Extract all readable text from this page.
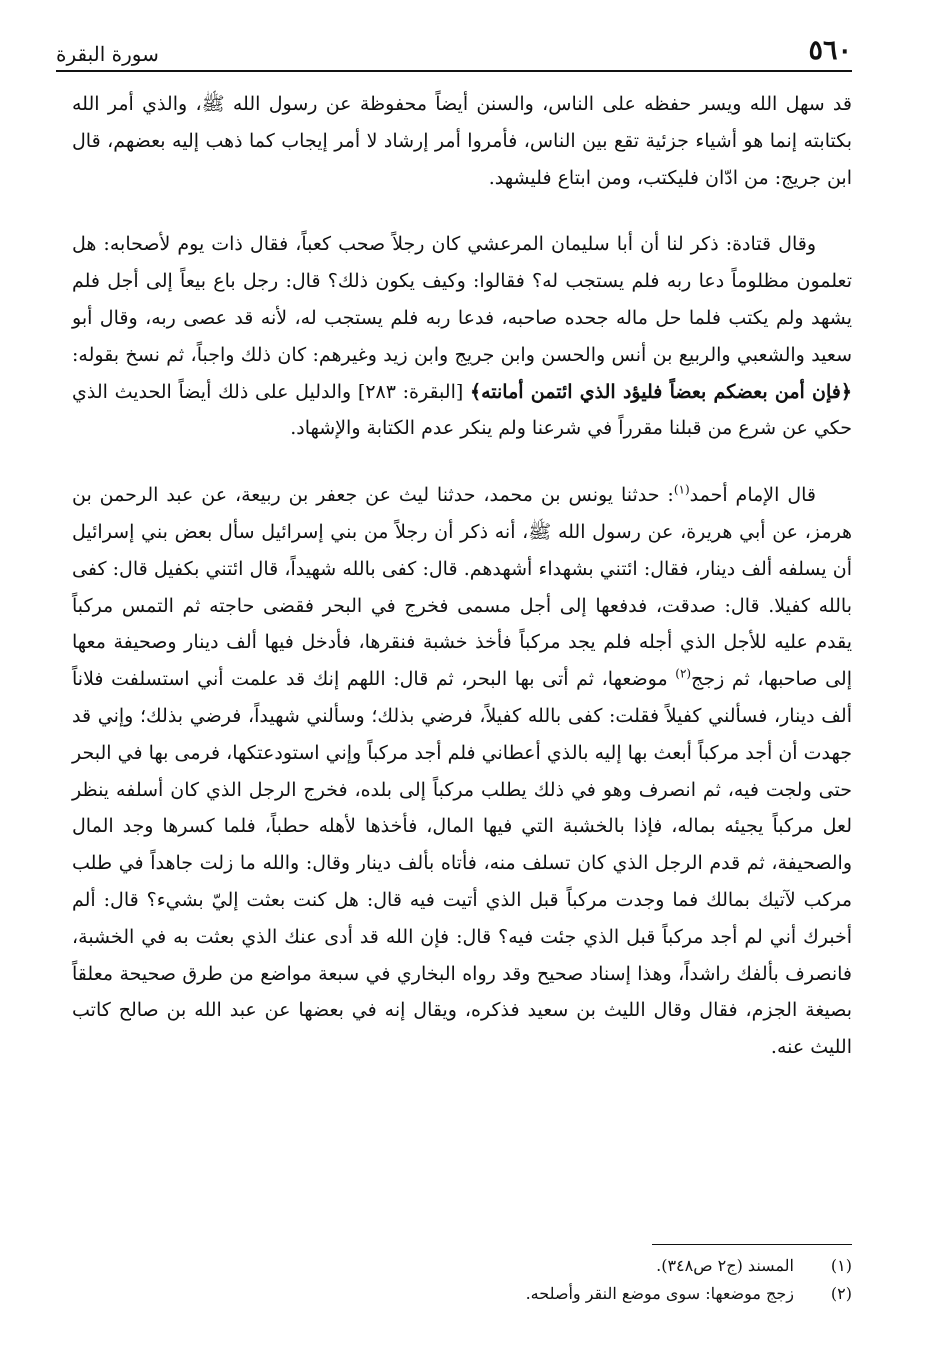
٥٦٠
سورة البقرة

قد سهل الله ويسر حفظه على الناس، والسنن أيضاً محفوظة عن رسول الله ﷺ، والذي أمر الله بكتابته إنما هو أشياء جزئية تقع بين الناس، فأمروا أمر إرشاد لا أمر إيجاب كما ذهب إليه بعضهم، قال ابن جريج: من ادّان فليكتب، ومن ابتاع فليشهد.

وقال قتادة: ذكر لنا أن أبا سليمان المرعشي كان رجلاً صحب كعباً، فقال ذات يوم لأصحابه: هل تعلمون مظلوماً دعا ربه فلم يستجب له؟ فقالوا: وكيف يكون ذلك؟ قال: رجل باع بيعاً إلى أجل فلم يشهد ولم يكتب فلما حل ماله جحده صاحبه، فدعا ربه فلم يستجب له، لأنه قد عصى ربه، وقال أبو سعيد والشعبي والربيع بن أنس والحسن وابن جريج وابن زيد وغيرهم: كان ذلك واجباً، ثم نسخ بقوله: ﴿فإن أمن بعضكم بعضاً فليؤد الذي ائتمن أمانته﴾ [البقرة: ٢٨٣] والدليل على ذلك أيضاً الحديث الذي حكي عن شرع من قبلنا مقرراً في شرعنا ولم ينكر عدم الكتابة والإشهاد.

قال الإمام أحمد$^{(١)}$: حدثنا يونس بن محمد، حدثنا ليث عن جعفر بن ربيعة، عن عبد الرحمن بن هرمز، عن أبي هريرة، عن رسول الله ﷺ، أنه ذكر أن رجلاً من بني إسرائيل سأل بعض بني إسرائيل أن يسلفه ألف دينار، فقال: ائتني بشهداء أشهدهم. قال: كفى بالله شهيداً، قال ائتني بكفيل قال: كفى بالله كفيلا. قال: صدقت، فدفعها إلى أجل مسمى فخرج في البحر فقضى حاجته ثم التمس مركباً يقدم عليه للأجل الذي أجله فلم يجد مركباً فأخذ خشبة فنقرها، فأدخل فيها ألف دينار وصحيفة معها إلى صاحبها، ثم زجج$^{(٢)}$ موضعها، ثم أتى بها البحر، ثم قال: اللهم إنك قد علمت أني استسلفت فلاناً ألف دينار، فسألني كفيلاً فقلت: كفى بالله كفيلاً، فرضي بذلك؛ وسألني شهيداً، فرضي بذلك؛ وإني قد جهدت أن أجد مركباً أبعث بها إليه بالذي أعطاني فلم أجد مركباً وإني استودعتكها، فرمى بها في البحر حتى ولجت فيه، ثم انصرف وهو في ذلك يطلب مركباً إلى بلده، فخرج الرجل الذي كان أسلفه ينظر لعل مركباً يجيئه بماله، فإذا بالخشبة التي فيها المال، فأخذها لأهله حطباً، فلما كسرها وجد المال والصحيفة، ثم قدم الرجل الذي كان تسلف منه، فأتاه بألف دينار وقال: والله ما زلت جاهداً في طلب مركب لآتيك بمالك فما وجدت مركباً قبل الذي أتيت فيه قال: هل كنت بعثت إليّ بشيء؟ قال: ألم أخبرك أني لم أجد مركباً قبل الذي جئت فيه؟ قال: فإن الله قد أدى عنك الذي بعثت به في الخشبة، فانصرف بألفك راشداً، وهذا إسناد صحيح وقد رواه البخاري في سبعة مواضع من طرق صحيحة معلقاً بصيغة الجزم، فقال وقال الليث بن سعيد فذكره، ويقال إنه في بعضها عن عبد الله بن صالح كاتب الليث عنه.

(١)
المسند (ج٢ ص٣٤٨).
(٢)
زجج موضعها: سوى موضع النقر وأصلحه.
